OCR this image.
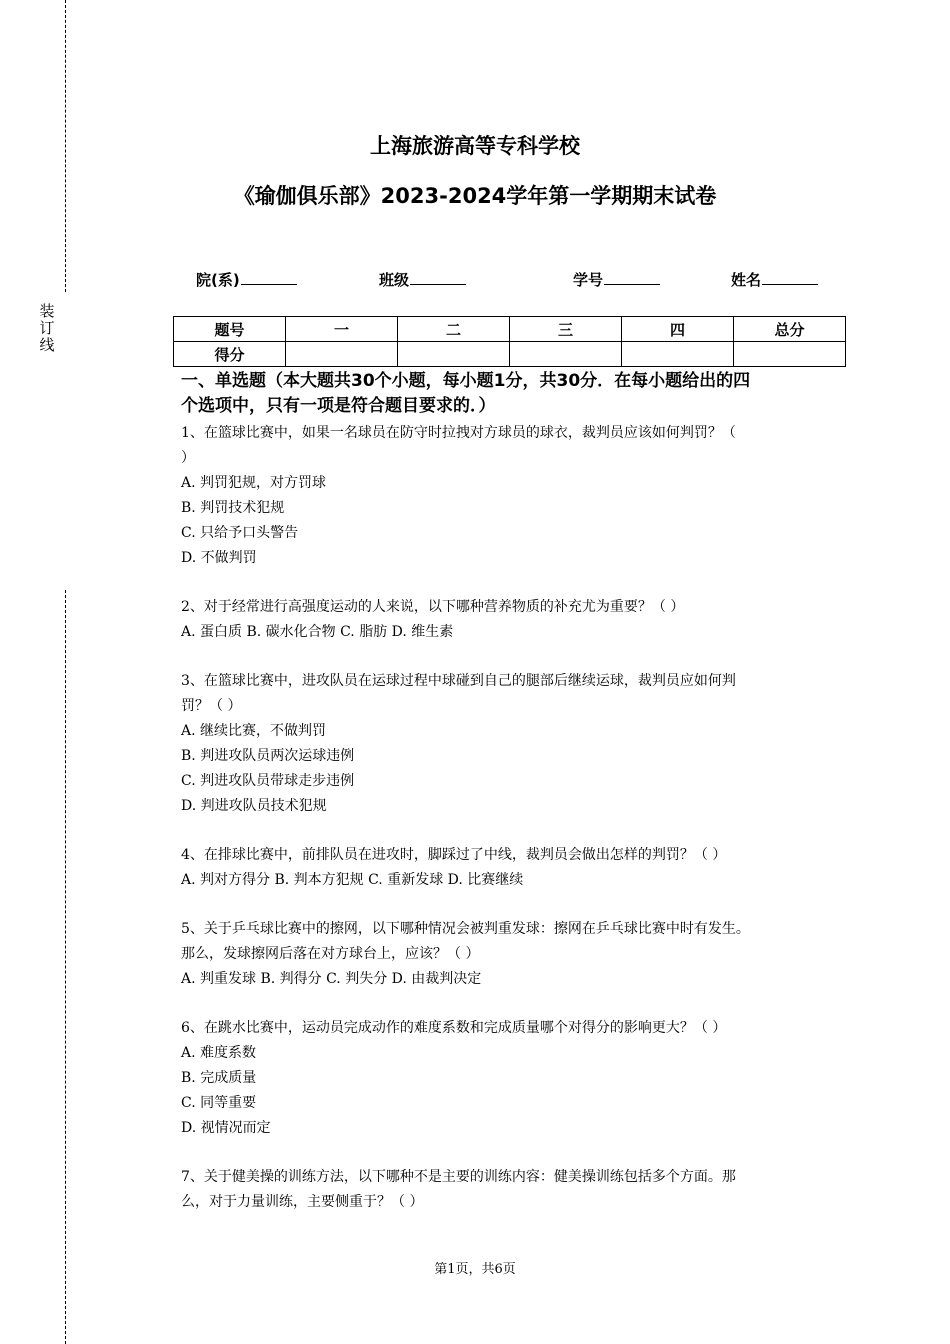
装
订
线
上海旅游高等专科学校
《瑜伽俱乐部》2023-2024学年第一学期期末试卷
院(系)	班级	学号	姓名
题号	一	二	三	四	总分
得分					
一、单选题（本大题共30个小题，每小题1分，共30分．在每小题给出的四
个选项中，只有一项是符合题目要求的．）

1、在篮球比赛中，如果一名球员在防守时拉拽对方球员的球衣，裁判员应该如何判罚？（

）

A. 判罚犯规，对方罚球

B. 判罚技术犯规

C. 只给予口头警告

D. 不做判罚

2、对于经常进行高强度运动的人来说，以下哪种营养物质的补充尤为重要？（ ）

A. 蛋白质 B. 碳水化合物 C. 脂肪 D. 维生素

3、在篮球比赛中，进攻队员在运球过程中球碰到自己的腿部后继续运球，裁判员应如何判

罚？（ ）

A. 继续比赛，不做判罚

B. 判进攻队员两次运球违例

C. 判进攻队员带球走步违例

D. 判进攻队员技术犯规

4、在排球比赛中，前排队员在进攻时，脚踩过了中线，裁判员会做出怎样的判罚？（ ）

A. 判对方得分 B. 判本方犯规 C. 重新发球 D. 比赛继续

5、关于乒乓球比赛中的擦网，以下哪种情况会被判重发球：擦网在乒乓球比赛中时有发生。

那么，发球擦网后落在对方球台上，应该？（ ）

A. 判重发球 B. 判得分 C. 判失分 D. 由裁判决定

6、在跳水比赛中，运动员完成动作的难度系数和完成质量哪个对得分的影响更大？（ ）

A. 难度系数

B. 完成质量

C. 同等重要

D. 视情况而定

7、关于健美操的训练方法，以下哪种不是主要的训练内容：健美操训练包括多个方面。那

么，对于力量训练，主要侧重于？（ ）

第1页，共6页
